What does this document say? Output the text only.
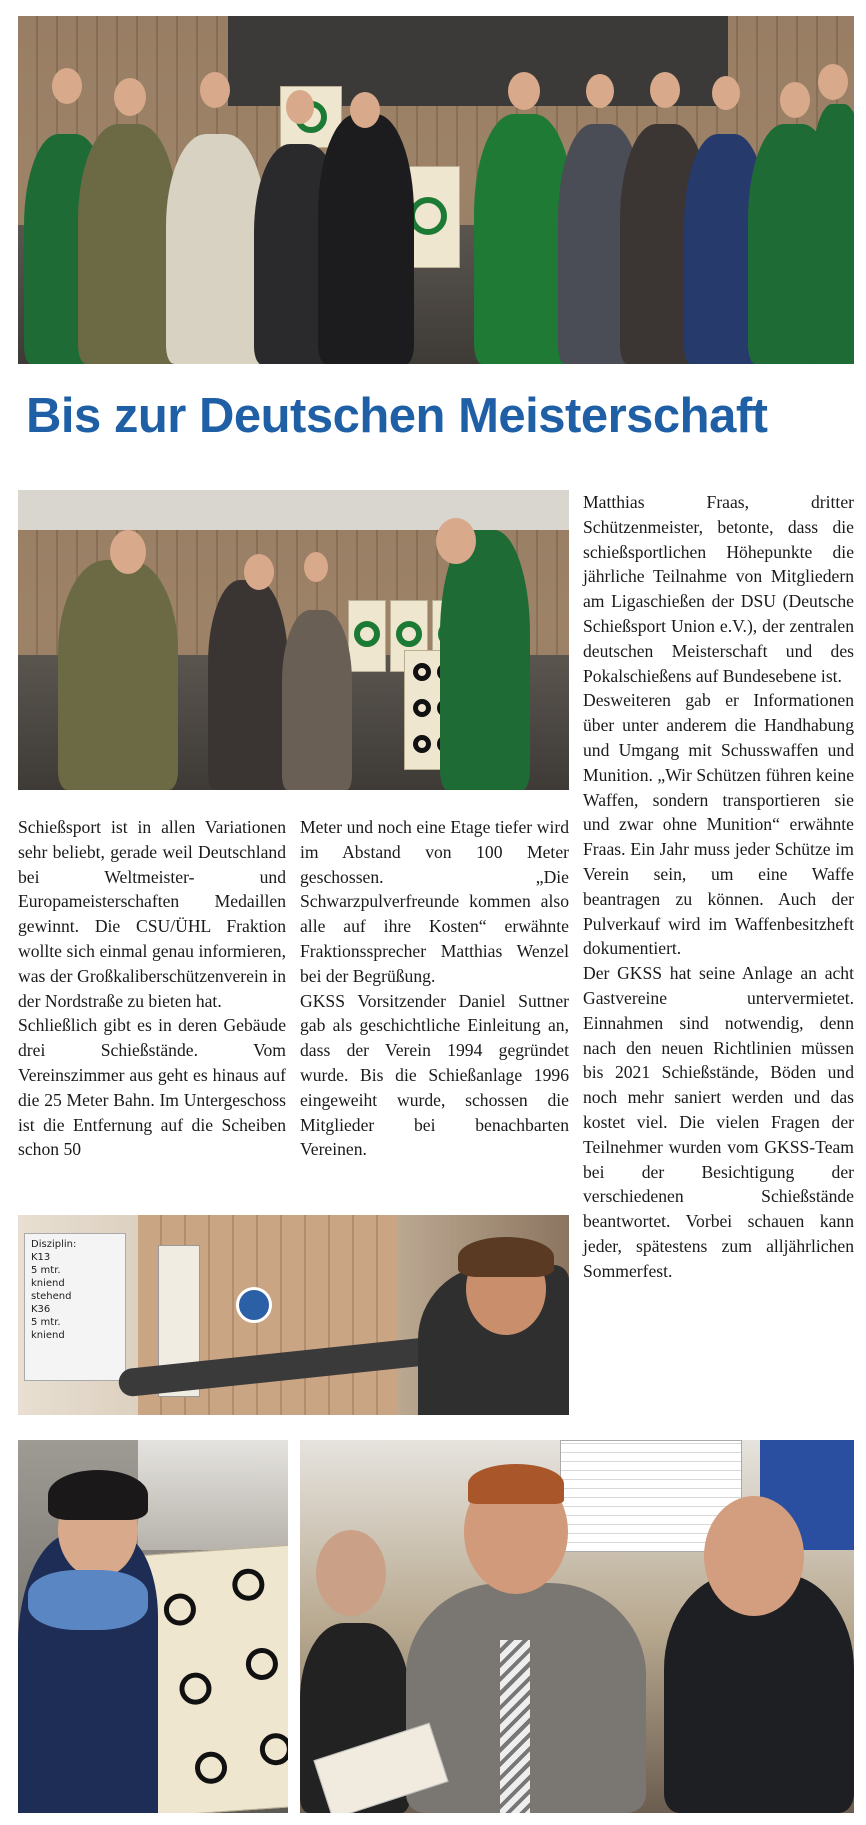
Bis zur Deutschen Meisterschaft

Schießsport ist in allen Variationen sehr beliebt, gerade weil Deutschland bei Weltmeister- und Europameisterschaften Medaillen gewinnt. Die CSU/ÜHL Fraktion wollte sich einmal genau informieren, was der Großkaliberschützenverein in der Nordstraße zu bieten hat.

Schließlich gibt es in deren Gebäude drei Schießstände. Vom Vereinszimmer aus geht es hinaus auf die 25 Meter Bahn. Im Untergeschoss ist die Entfernung auf die Scheiben schon 50

Meter und noch eine Etage tiefer wird im Abstand von 100 Meter geschossen. „Die Schwarzpulverfreunde kommen also alle auf ihre Kosten“ erwähnte Fraktionssprecher Matthias Wenzel bei der Begrüßung.

GKSS Vorsitzender Daniel Suttner gab als geschichtliche Einleitung an, dass der Verein 1994 gegründet wurde. Bis die Schießanlage 1996 eingeweiht wurde, schossen die Mitglieder bei benachbarten Vereinen.

Matthias Fraas, dritter Schützenmeister, betonte, dass die schießsportlichen Höhepunkte die jährliche Teilnahme von Mitgliedern am Ligaschießen der DSU (Deutsche Schießsport Union e.V.), der zentralen deutschen Meisterschaft und des Pokalschießens auf Bundesebene ist.

Desweiteren gab er Informationen über unter anderem die Handhabung und Umgang mit Schusswaffen und Munition. „Wir Schützen führen keine Waffen, sondern transportieren sie und zwar ohne Munition“ erwähnte Fraas. Ein Jahr muss jeder Schütze im Verein sein, um eine Waffe beantragen zu können. Auch der Pulverkauf wird im Waffenbesitzheft dokumentiert.

Der GKSS hat seine Anlage an acht Gastvereine untervermietet. Einnahmen sind notwendig, denn nach den neuen Richtlinien müssen bis 2021 Schießstände, Böden und noch mehr saniert werden und das kostet viel. Die vielen Fragen der Teilnehmer wurden vom GKSS-Team bei der Besichtigung der verschiedenen Schießstände beantwortet. Vorbei schauen kann jeder, spätestens zum alljährlichen Sommerfest.

Disziplin:
K13
5 mtr.
kniend
stehend
K36
5 mtr.
kniend
